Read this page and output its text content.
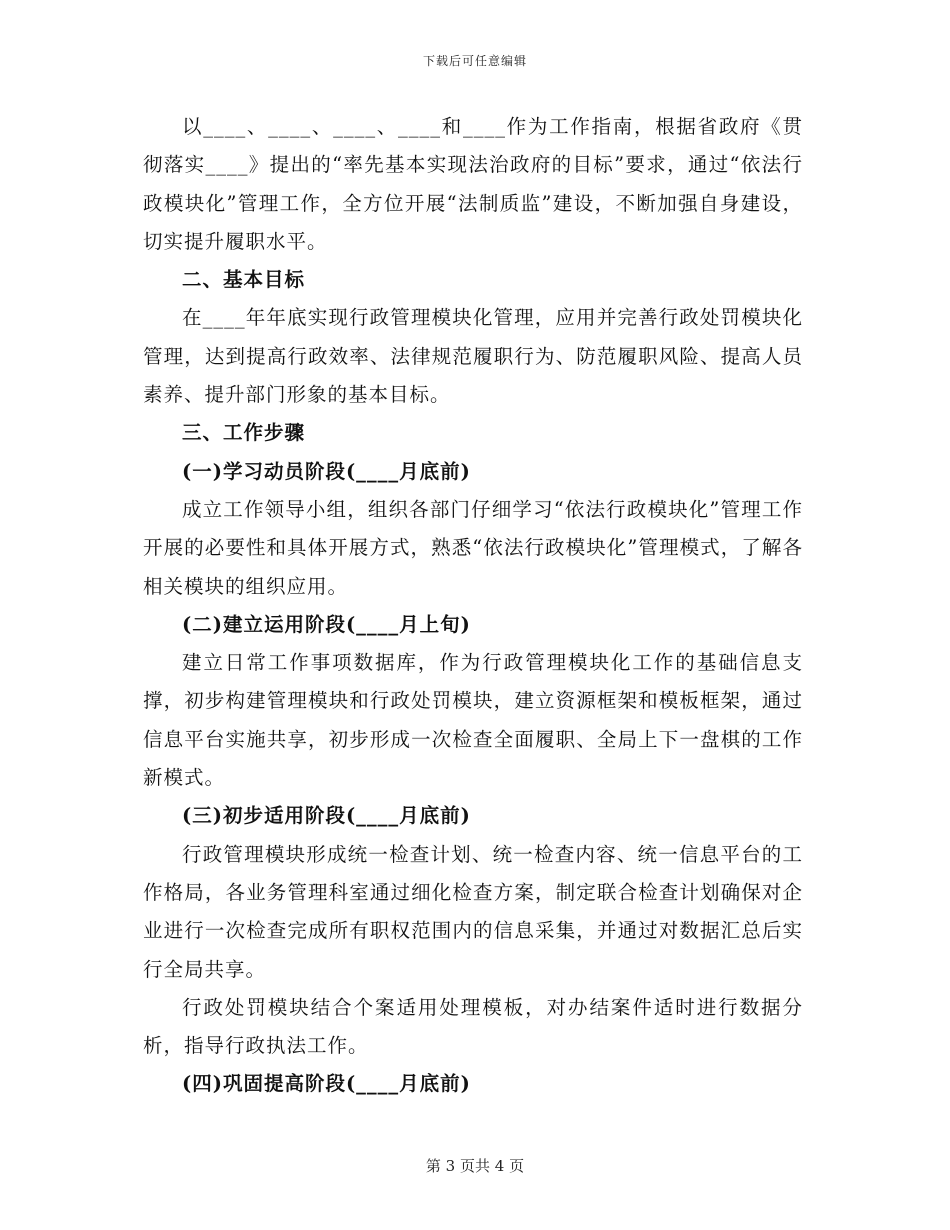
下载后可任意编辑

以____、____、____、____和____作为工作指南，根据省政府《贯彻落实____》提出的“率先基本实现法治政府的目标”要求，通过“依法行政模块化”管理工作，全方位开展“法制质监”建设，不断加强自身建设，切实提升履职水平。

二、基本目标

在____年年底实现行政管理模块化管理，应用并完善行政处罚模块化管理，达到提高行政效率、法律规范履职行为、防范履职风险、提高人员素养、提升部门形象的基本目标。

三、工作步骤

(一)学习动员阶段(____月底前)

成立工作领导小组，组织各部门仔细学习“依法行政模块化”管理工作开展的必要性和具体开展方式，熟悉“依法行政模块化”管理模式，了解各相关模块的组织应用。

(二)建立运用阶段(____月上旬)

建立日常工作事项数据库，作为行政管理模块化工作的基础信息支撑，初步构建管理模块和行政处罚模块，建立资源框架和模板框架，通过信息平台实施共享，初步形成一次检查全面履职、全局上下一盘棋的工作新模式。

(三)初步适用阶段(____月底前)

行政管理模块形成统一检查计划、统一检查内容、统一信息平台的工作格局，各业务管理科室通过细化检查方案，制定联合检查计划确保对企业进行一次检查完成所有职权范围内的信息采集，并通过对数据汇总后实行全局共享。

行政处罚模块结合个案适用处理模板，对办结案件适时进行数据分析，指导行政执法工作。

(四)巩固提高阶段(____月底前)

第 3 页共 4 页
